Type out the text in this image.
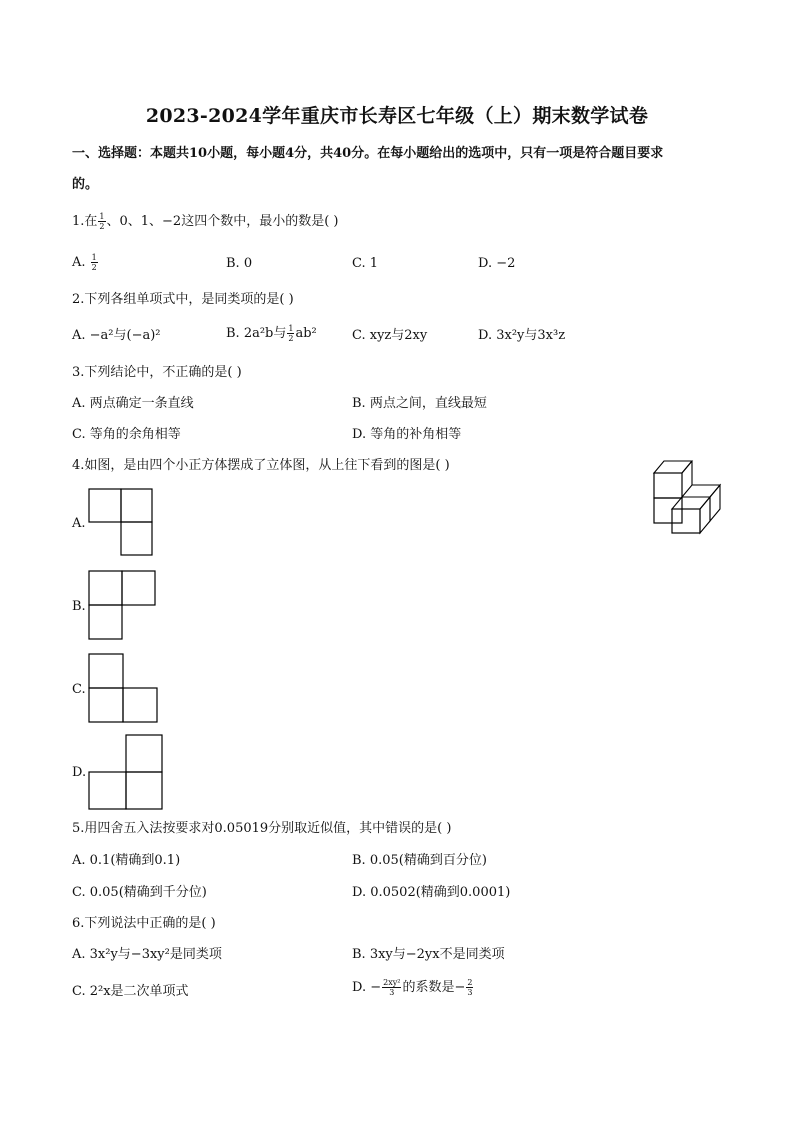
2023-2024学年重庆市长寿区七年级（上）期末数学试卷
一、选择题：本题共10小题，每小题4分，共40分。在每小题给出的选项中，只有一项是符合题目要求
的。
1.在 $\frac{1}{2}$ 、0、1、−2这四个数中，最小的数是( )
A. $\frac{1}{2}$	B. 0	C. 1	D. −2
2.下列各组单项式中，是同类项的是( )
A. −a²与(−a)²	B. 2a²b与 $\frac{1}{2} ab^2$	C. xyz与2xy	D. 3x²y与3x³z
3.下列结论中，不正确的是( )
A. 两点确定一条直线	B. 两点之间，直线最短
C. 等角的余角相等	D. 等角的补角相等
4.如图，是由四个小正方体摆成了立体图，从上往下看到的图是( )
A.
B.
C.
D.
5.用四舍五入法按要求对0.05019分别取近似值，其中错误的是( )
A. 0.1(精确到0.1)	B. 0.05(精确到百分位)
C. 0.05(精确到千分位)	D. 0.0502(精确到0.0001)
6.下列说法中正确的是( )
A. 3x²y与−3xy²是同类项	B. 3xy与−2yx不是同类项
C. 2²x是二次单项式	D. − $\frac{\text{2xy²}}{3}$ 的系数是− $\frac{2}{3}$
